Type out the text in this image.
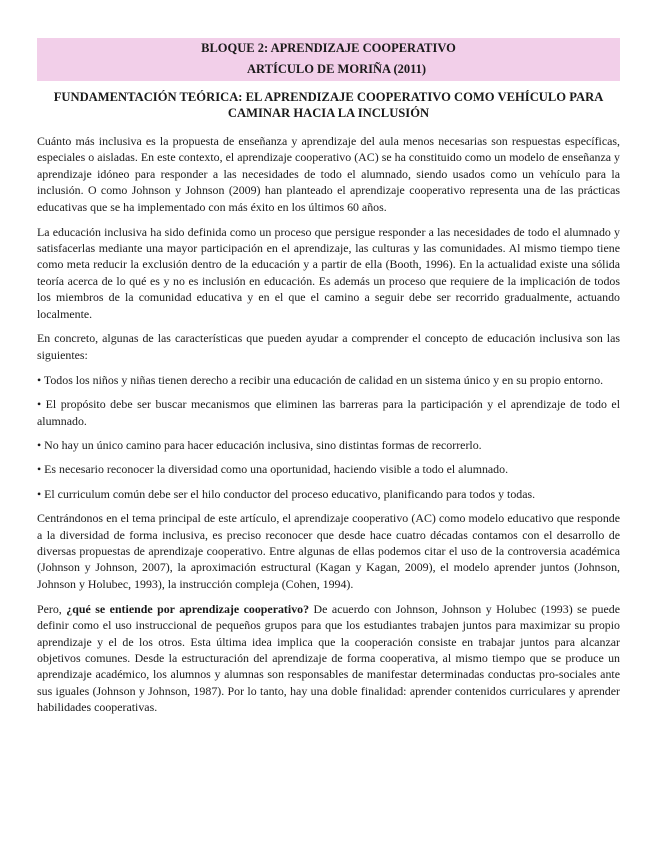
BLOQUE 2: APRENDIZAJE COOPERATIVO
ARTÍCULO DE MORIÑA (2011)
FUNDAMENTACIÓN TEÓRICA: EL APRENDIZAJE COOPERATIVO COMO VEHÍCULO PARA CAMINAR HACIA LA INCLUSIÓN

Cuánto más inclusiva es la propuesta de enseñanza y aprendizaje del aula menos necesarias son respuestas específicas, especiales o aisladas. En este contexto, el aprendizaje cooperativo (AC) se ha constituido como un modelo de enseñanza y aprendizaje idóneo para responder a las necesidades de todo el alumnado, siendo usados como un vehículo para la inclusión. O como Johnson y Johnson (2009) han planteado el aprendizaje cooperativo representa una de las prácticas educativas que se ha implementado con más éxito en los últimos 60 años.

La educación inclusiva ha sido definida como un proceso que persigue responder a las necesidades de todo el alumnado y satisfacerlas mediante una mayor participación en el aprendizaje, las culturas y las comunidades. Al mismo tiempo tiene como meta reducir la exclusión dentro de la educación y a partir de ella (Booth, 1996). En la actualidad existe una sólida teoría acerca de lo qué es y no es inclusión en educación. Es además un proceso que requiere de la implicación de todos los miembros de la comunidad educativa y en el que el camino a seguir debe ser recorrido gradualmente, actuando localmente.

En concreto, algunas de las características que pueden ayudar a comprender el concepto de educación inclusiva son las siguientes:

• Todos los niños y niñas tienen derecho a recibir una educación de calidad en un sistema único y en su propio entorno.

• El propósito debe ser buscar mecanismos que eliminen las barreras para la participación y el aprendizaje de todo el alumnado.

• No hay un único camino para hacer educación inclusiva, sino distintas formas de recorrerlo.

• Es necesario reconocer la diversidad como una oportunidad, haciendo visible a todo el alumnado.

• El curriculum común debe ser el hilo conductor del proceso educativo, planificando para todos y todas.

Centrándonos en el tema principal de este artículo, el aprendizaje cooperativo (AC) como modelo educativo que responde a la diversidad de forma inclusiva, es preciso reconocer que desde hace cuatro décadas contamos con el desarrollo de diversas propuestas de aprendizaje cooperativo. Entre algunas de ellas podemos citar el uso de la controversia académica (Johnson y Johnson, 2007), la aproximación estructural (Kagan y Kagan, 2009), el modelo aprender juntos (Johnson, Johnson y Holubec, 1993), la instrucción compleja (Cohen, 1994).

Pero, ¿qué se entiende por aprendizaje cooperativo? De acuerdo con Johnson, Johnson y Holubec (1993) se puede definir como el uso instruccional de pequeños grupos para que los estudiantes trabajen juntos para maximizar su propio aprendizaje y el de los otros. Esta última idea implica que la cooperación consiste en trabajar juntos para alcanzar objetivos comunes. Desde la estructuración del aprendizaje de forma cooperativa, al mismo tiempo que se produce un aprendizaje académico, los alumnos y alumnas son responsables de manifestar determinadas conductas pro-sociales ante sus iguales (Johnson y Johnson, 1987). Por lo tanto, hay una doble finalidad: aprender contenidos curriculares y aprender habilidades cooperativas.
